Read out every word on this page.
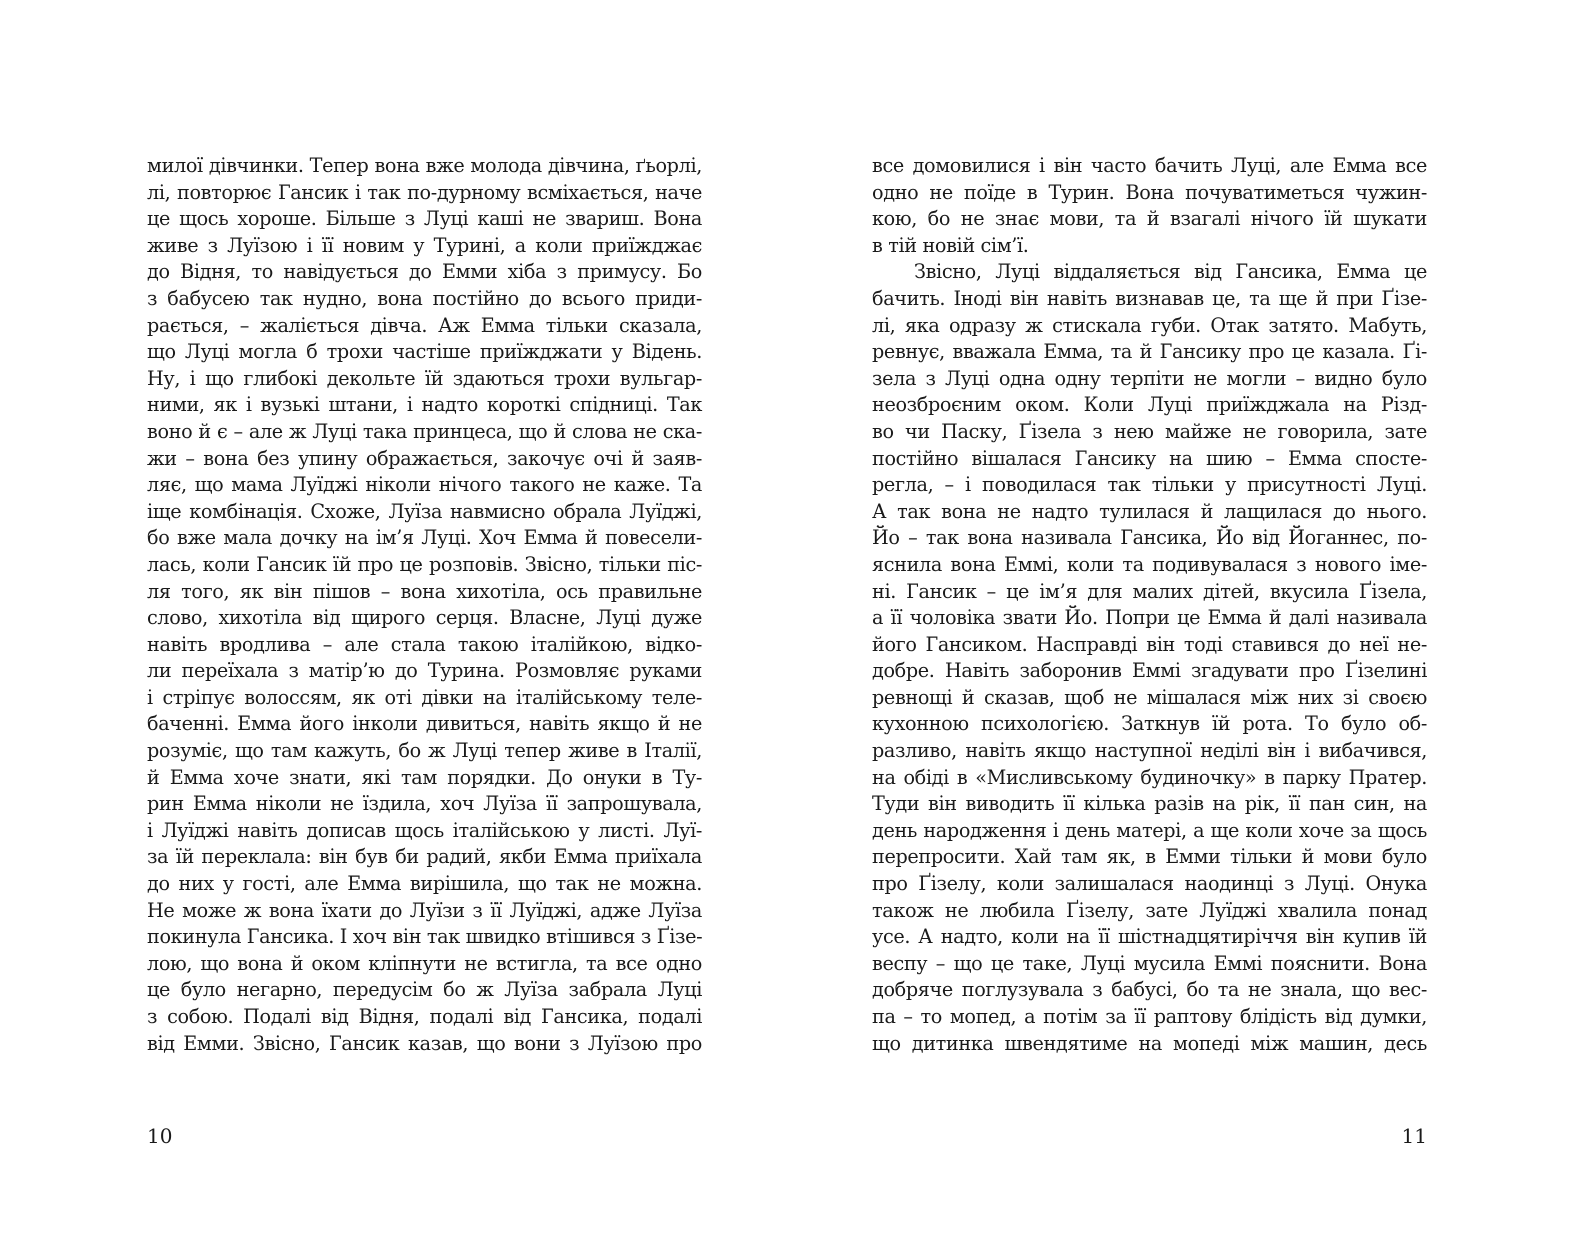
милої дівчинки. Тепер вона вже молода дівчина, ґьорлі,
лі, повторює Гансик і так по-дурному всміхається, наче
це щось хороше. Більше з Луці каші не звариш. Вона
живе з Луїзою і її новим у Турині, а коли приїжджає
до Відня, то навідується до Емми хіба з примусу. Бо
з бабусею так нудно, вона постійно до всього приди-
рається, – жаліється дівча. Аж Емма тільки сказала,
що Луці могла б трохи частіше приїжджати у Відень.
Ну, і що глибокі декольте їй здаються трохи вульгар-
ними, як і вузькі штани, і надто короткі спідниці. Так
воно й є – але ж Луці така принцеса, що й слова не ска-
жи – вона без упину ображається, закочує очі й заяв-
ляє, що мама Луїджі ніколи нічого такого не каже. Та
іще комбінація. Схоже, Луїза навмисно обрала Луїджі,
бо вже мала дочку на ім’я Луці. Хоч Емма й повесели-
лась, коли Гансик їй про це розповів. Звісно, тільки піс-
ля того, як він пішов – вона хихотіла, ось правильне
слово, хихотіла від щирого серця. Власне, Луці дуже
навіть вродлива – але стала такою італійкою, відко-
ли переїхала з матір’ю до Турина. Розмовляє руками
і стріпує волоссям, як оті дівки на італійському теле-
баченні. Емма його інколи дивиться, навіть якщо й не
розуміє, що там кажуть, бо ж Луці тепер живе в Італії,
й Емма хоче знати, які там порядки. До онуки в Ту-
рин Емма ніколи не їздила, хоч Луїза її запрошувала,
і Луїджі навіть дописав щось італійською у листі. Луї-
за їй переклала: він був би радий, якби Емма приїхала
до них у гості, але Емма вирішила, що так не можна.
Не може ж вона їхати до Луїзи з її Луїджі, адже Луїза
покинула Гансика. І хоч він так швидко втішився з Ґізе-
лою, що вона й оком кліпнути не встигла, та все одно
це було негарно, передусім бо ж Луїза забрала Луці
з собою. Подалі від Відня, подалі від Гансика, подалі
від Емми. Звісно, Гансик казав, що вони з Луїзою про
10
все домовилися і він часто бачить Луці, але Емма все
одно не поїде в Турин. Вона почуватиметься чужин-
кою, бо не знає мови, та й взагалі нічого їй шукати
в тій новій сім’ї.
Звісно, Луці віддаляється від Гансика, Емма це
бачить. Іноді він навіть визнавав це, та ще й при Ґізе-
лі, яка одразу ж стискала губи. Отак затято. Мабуть,
ревнує, вважала Емма, та й Гансику про це казала. Ґі-
зела з Луці одна одну терпіти не могли – видно було
неозброєним оком. Коли Луці приїжджала на Різд-
во чи Паску, Ґізела з нею майже не говорила, зате
постійно вішалася Гансику на шию – Емма спосте-
регла, – і поводилася так тільки у присутності Луці.
А так вона не надто тулилася й лащилася до нього.
Йо – так вона називала Гансика, Йо від Йоганнес, по-
яснила вона Еммі, коли та подивувалася з нового імe-
ні. Гансик – це ім’я для малих дітей, вкусила Ґізела,
а її чоловіка звати Йо. Попри це Емма й далі називала
його Гансиком. Насправді він тоді ставився до неї не-
добре. Навіть заборонив Еммі згадувати про Ґізелині
ревнощі й сказав, щоб не мішалася між них зі своєю
кухонною психологією. Заткнув їй рота. То було об-
разливо, навіть якщо наступної неділі він і вибачився,
на обіді в «Мисливському будиночку» в парку Пратер.
Туди він виводить її кілька разів на рік, її пан син, на
день народження і день матері, а ще коли хоче за щось
перепросити. Хай там як, в Емми тільки й мови було
про Ґізелу, коли залишалася наодинці з Луці. Онука
також не любила Ґізелу, зате Луїджі хвалила понад
усе. А надто, коли на її шістнадцятиріччя він купив їй
веспу – що це таке, Луці мусила Еммі пояснити. Вона
добряче поглузувала з бабусі, бо та не знала, що вес-
па – то мопед, а потім за її раптову блідість від думки,
що дитинка швендятиме на мопеді між машин, десь
11
